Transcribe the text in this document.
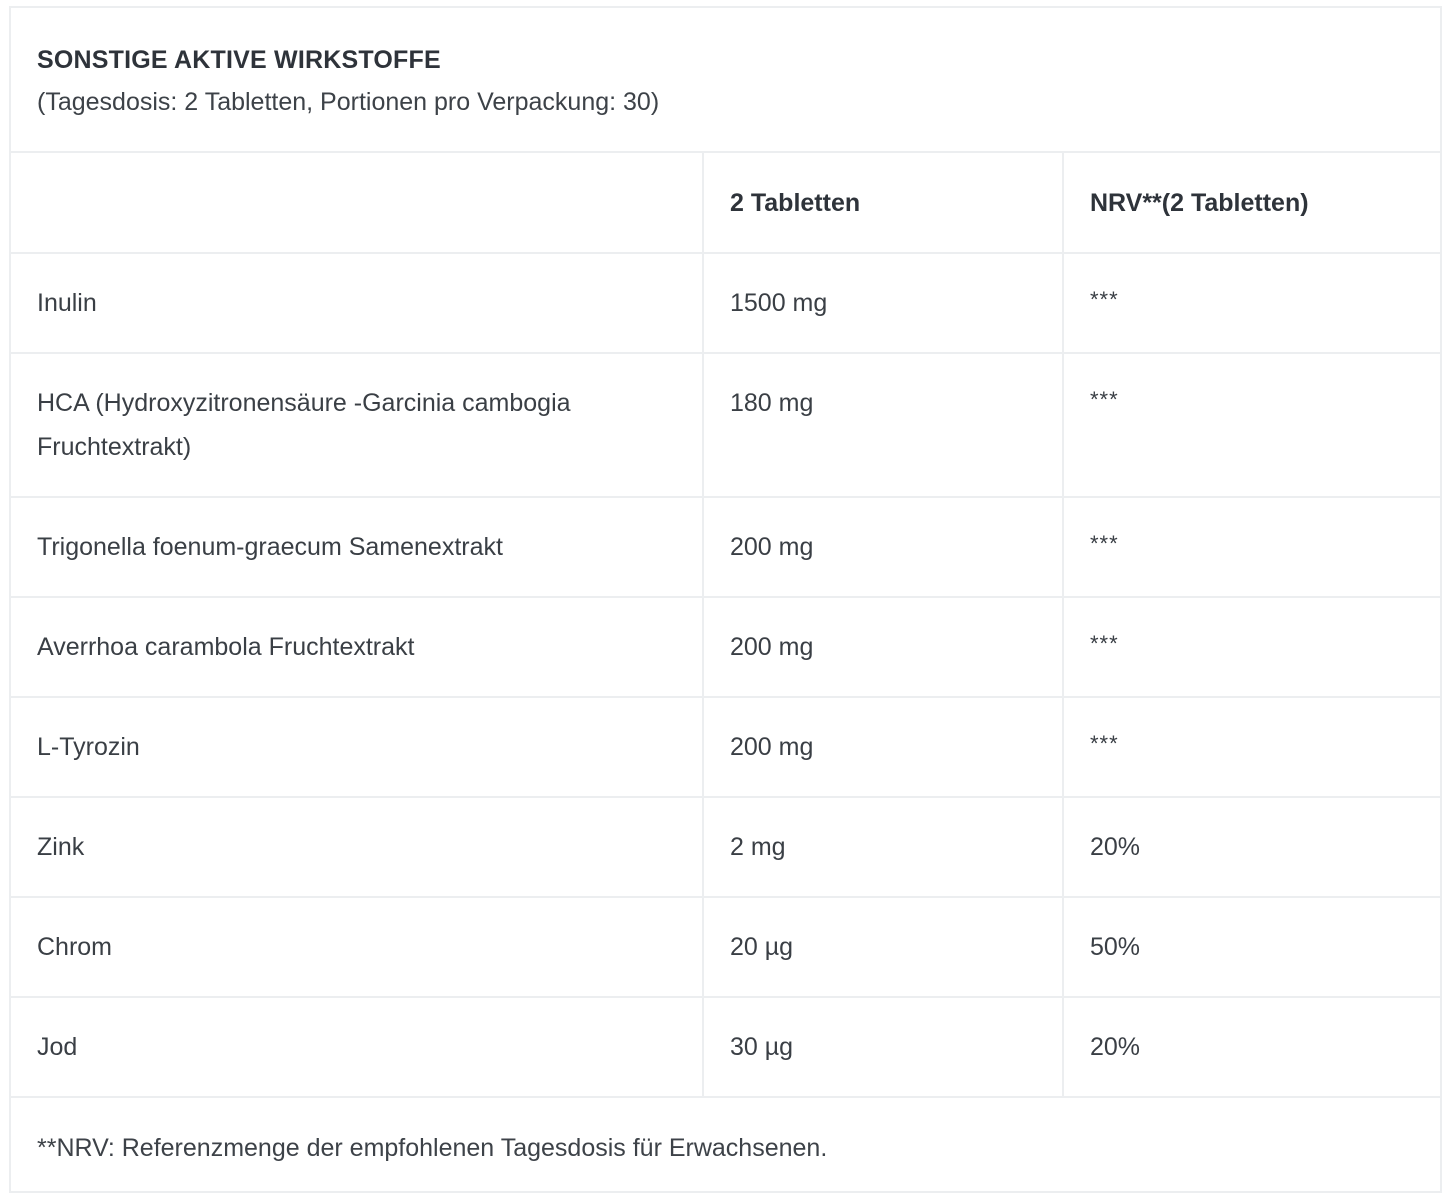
SONSTIGE AKTIVE WIRKSTOFFE
(Tagesdosis: 2 Tabletten, Portionen pro Verpackung: 30)
	2 Tabletten	NRV**(2 Tabletten)
Inulin	1500 mg	***
HCA (Hydroxyzitronensäure -Garcinia cambogia Fruchtextrakt)	180 mg	***
Trigonella foenum-graecum Samenextrakt	200 mg	***
Averrhoa carambola Fruchtextrakt	200 mg	***
L-Tyrozin	200 mg	***
Zink	2 mg	20%
Chrom	20 µg	50%
Jod	30 µg	20%
**NRV: Referenzmenge der empfohlenen Tagesdosis für Erwachsenen.
